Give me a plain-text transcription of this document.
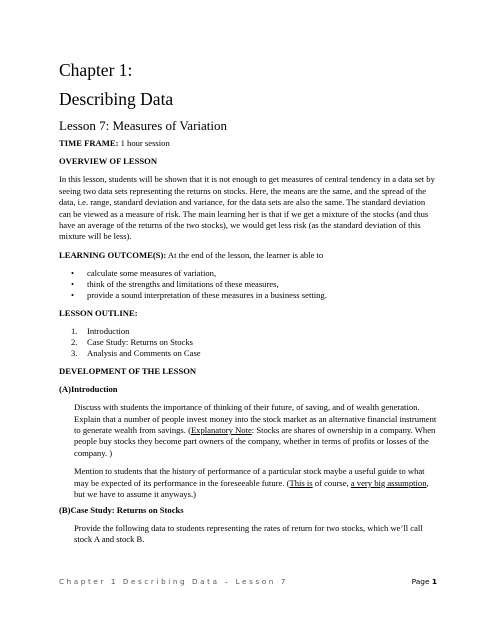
Chapter 1:
Describing Data
Lesson 7: Measures of Variation

TIME FRAME: 1 hour session

OVERVIEW OF LESSON

In this lesson, students will be shown that it is not enough to get measures of central tendency in a data set by seeing two data sets representing the returns on stocks. Here, the means are the same, and the spread of the data, i.e. range, standard deviation and variance, for the data sets are also the same. The standard deviation can be viewed as a measure of risk. The main learning her is that if we get a mixture of the stocks (and thus have an average of the returns of the two stocks), we would get less risk (as the standard deviation of this mixture will be less).

LEARNING OUTCOME(S): At the end of the lesson, the learner is able to

• calculate some measures of variation,
• think of the strengths and limitations of these measures,
• provide a sound interpretation of these measures in a business setting.

LESSON OUTLINE:

1. Introduction
2. Case Study: Returns on Stocks
3. Analysis and Comments on Case

DEVELOPMENT OF THE LESSON

(A)Introduction

Discuss with students the importance of thinking of their future, of saving, and of wealth generation. Explain that a number of people invest money into the stock market as an alternative financial instrument to generate wealth from savings. (Explanatory Note: Stocks are shares of ownership in a company. When people buy stocks they become part owners of the company, whether in terms of profits or losses of the company. )

Mention to students that the history of performance of a particular stock maybe a useful guide to what may be expected of its performance in the foreseeable future. (This is of course, a very big assumption, but we have to assume it anyways.)

(B)Case Study: Returns on Stocks

Provide the following data to students representing the rates of return for two stocks, which we’ll call stock A and stock B.

Chapter 1 Describing Data – Lesson 7	Page 1
